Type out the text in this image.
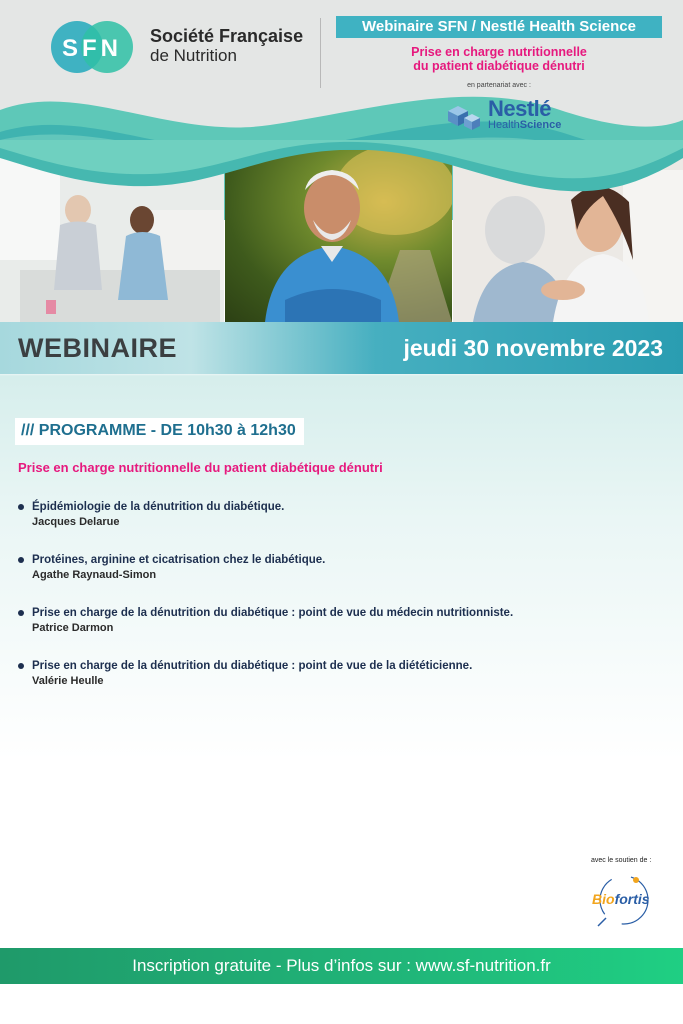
SFN Société Française
de Nutrition
Webinaire SFN / Nestlé Health Science
Prise en charge nutritionnelle
du patient diabétique dénutri
en partenariat avec :
Nestlé
HealthScience
WEBINAIRE	jeudi 30 novembre 2023
/// PROGRAMME - DE 10h30 à 12h30
Prise en charge nutritionnelle du patient diabétique dénutri
Épidémiologie de la dénutrition du diabétique.
Jacques Delarue
Protéines, arginine et cicatrisation chez le diabétique.
Agathe Raynaud-Simon
Prise en charge de la dénutrition du diabétique : point de vue du médecin nutritionniste.
Patrice Darmon
Prise en charge de la dénutrition du diabétique : point de vue de la diététicienne.
Valérie Heulle
avec le soutien de :
Biofortis
Inscription gratuite - Plus d’infos sur : www.sf-nutrition.fr
